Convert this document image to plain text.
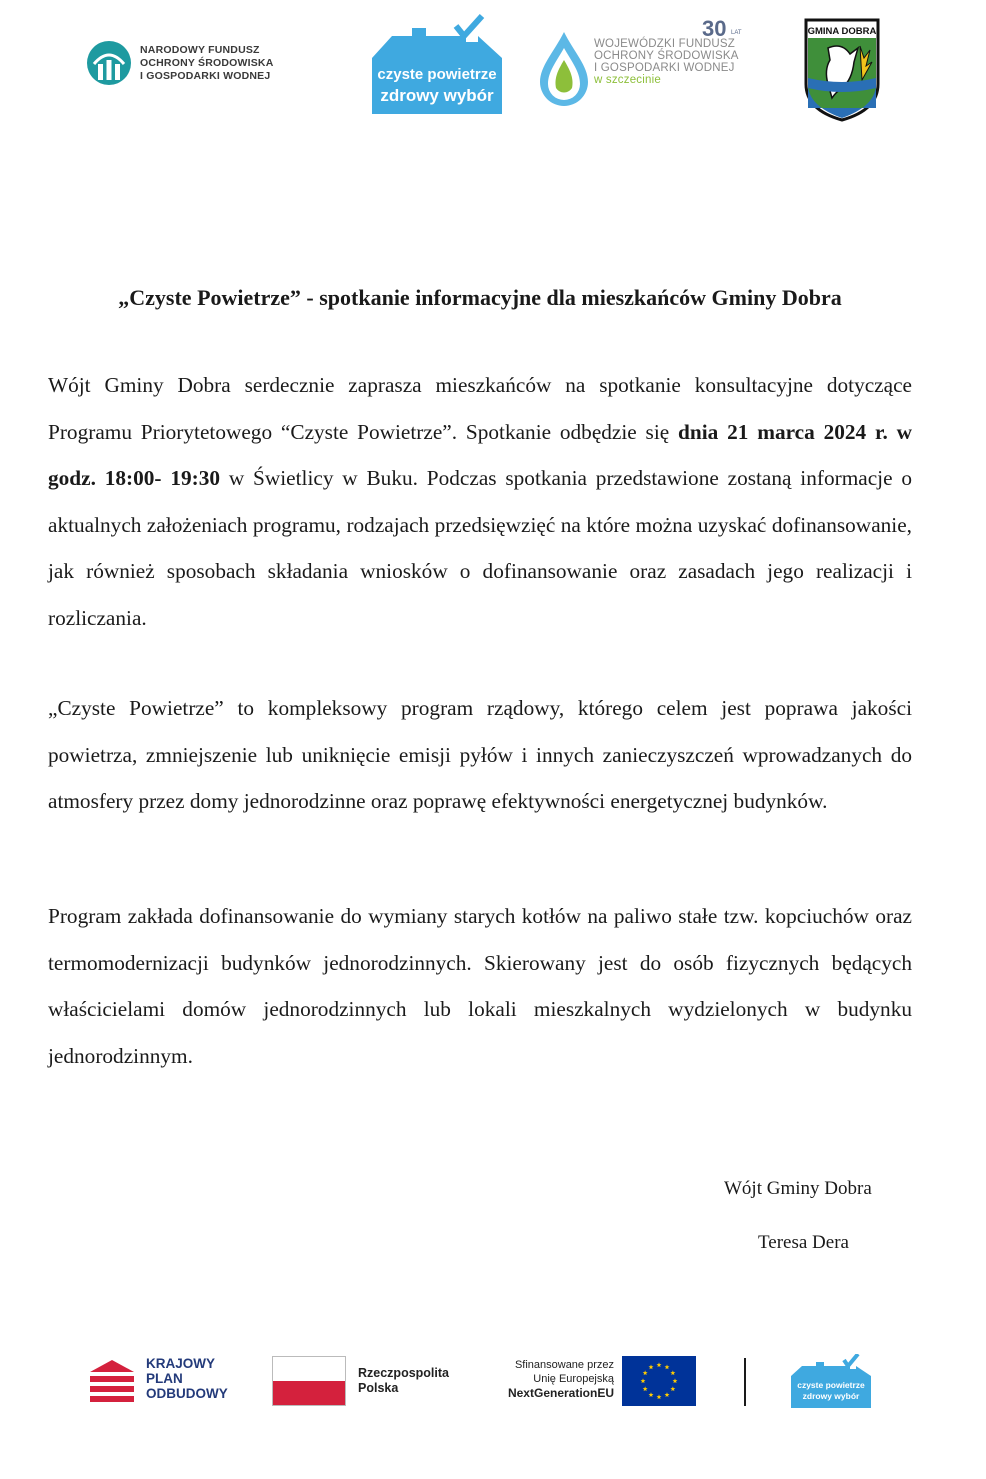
NARODOWY FUNDUSZ
OCHRONY ŚRODOWISKA
I GOSPODARKI WODNEJ	czyste powietrze
zdrowy wybór
30 LAT
WOJEWÓDZKI FUNDUSZ
OCHRONY ŚRODOWISKA
I GOSPODARKI WODNEJ
w szczecinie
GMINA DOBRA
„Czyste Powietrze” - spotkanie informacyjne dla mieszkańców Gminy Dobra
Wójt Gminy Dobra serdecznie zaprasza mieszkańców na spotkanie konsultacyjne dotyczące Programu Priorytetowego “Czyste Powietrze”. Spotkanie odbędzie się dnia 21 marca 2024 r. w godz. 18:00- 19:30 w Świetlicy w Buku. Podczas spotkania przedstawione zostaną informacje o aktualnych założeniach programu, rodzajach przedsięwzięć na które można uzyskać dofinansowanie, jak również sposobach składania wniosków o dofinansowanie oraz zasadach jego realizacji i rozliczania.
„Czyste Powietrze” to kompleksowy program rządowy, którego celem jest poprawa jakości powietrza, zmniejszenie lub uniknięcie emisji pyłów i innych zanieczyszczeń wprowadzanych do atmosfery przez domy jednorodzinne oraz poprawę efektywności energetycznej budynków.
Program zakłada dofinansowanie do wymiany starych kotłów na paliwo stałe tzw. kopciuchów oraz termomodernizacji budynków jednorodzinnych. Skierowany jest do osób fizycznych będących właścicielami domów jednorodzinnych lub lokali mieszkalnych wydzielonych w budynku jednorodzinnym.
Wójt Gminy Dobra
Teresa Dera
KRAJOWY
PLAN
ODBUDOWY
Rzeczpospolita
Polska
Sfinansowane przez
Unię Europejską
NextGenerationEU
czyste powietrze
zdrowy wybór
